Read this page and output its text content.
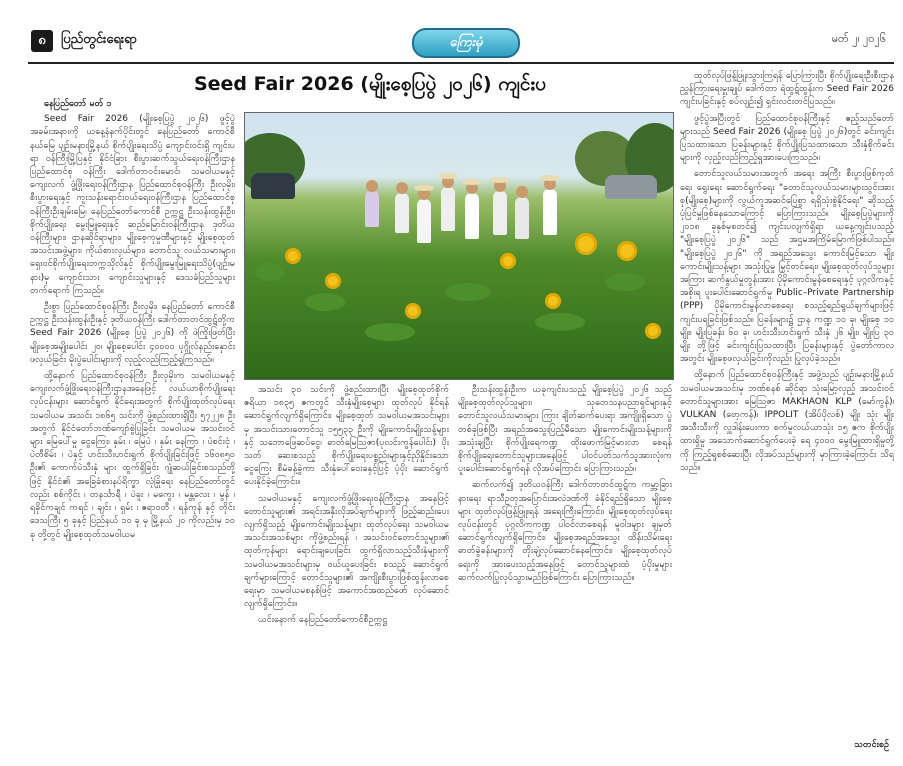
၈	ပြည်တွင်းရေးရာ	ကြေးမုံ	မတ် ၂၊ ၂၀၂၆
Seed Fair 2026 (မျိုးစေ့ပြပွဲ ၂၀၂၆) ကျင်းပ
နေပြည်တော် မတ် ၁

Seed Fair 2026 (မျိုးစေ့ပြပွဲ ၂၀၂၆) ဖွင့်ပွဲ အခမ်းအနားကို ယနေ့နံနက်ပိုင်းတွင် နေပြည်တော် ကောင်စီနယ်မြေ ပျဉ်းမနားမြို့နယ် စိုက်ပျိုးရေးသိပ္ပံ ကျောင်းဝင်းရှိ ကျင်းပရာ ဝန်ကြီးမြို့ပြနှင့် နိုင်ငံခြား စီးပွားဆက်သွယ်ရေးဝန်ကြီးဌာန ပြည်ထောင်စု ဝန်ကြီး ဒေါက်တာဝင်းမောင်၊ သမဝါယမနှင့်ကျေးလက် ဖွံ့ဖြိုးရေးဝန်ကြီးဌာန ပြည်ထောင်စုဝန်ကြီး ဦးလှမိုး၊ စီးပွားရေးနှင့် ကူးသန်းရောင်းဝယ်ရေးဝန်ကြီးဌာန ပြည်ထောင်စုဝန်ကြီးဦးချမ်းမြေ၊ နေပြည်တော်ကောင်စီ ဥက္ကဋ္ဌ ဦးသန်းထွန်းဦး၊ စိုက်ပျိုးရေး မွေးမြူရေးနှင့် ဆည်မြောင်းဝန်ကြီးဌာန ဒုတိယဝန်ကြီးများ၊ ဌာနဆိုင်ရာများ၊ မျိုးစေ့ကုမ္ပဏီများနှင့် မျိုးစေ့ထုတ် အသင်းအဖွဲ့များ၊ ကိုယ်စားလှယ်များ၊ တောင်သူ လယ်သမားများ၊ ရှေးဝင်စိုက်ပျိုးရေးတက္ကသိုလ်နှင့် စိုက်ပျိုးမွေးမြူရေးသိပ္ပံ(ပျဉ်းမနား)မှ ကျောင်းသား ကျောင်းသူများနှင့် ဒေသခံပြည်သူများ တက်ရောက် ကြသည်။

ဦးစွာ ပြည်ထောင်စုဝန်ကြီး ဦးလှမိုး၊ နေပြည်တော် ကောင်စီဥက္ကဋ္ဌ ဦးသန်းထွန်းဦးနှင့် ဒုတိယဝန်ကြီး ဒေါက်တာတင်ထွဋ်တို့က Seed Fair 2026 (မျိုးစေ့ ပြပွဲ ၂၀၂၆) ကို ဖဲကြိုးဖြတ်ပြီး မျိုးစေ့အမျိုးပေါင်း ၂၀၊ မျိုးစေ့ပေါင်း ၄၀၀၀၀ ပုဂ္ဂိုလ်နည်းနှောင်းဖလှယ်ခြင်း မိုးပွဲပေါင်းများကို လှည့်လည်ကြည့်ရှုကြသည်။

ထို့နောက် ပြည်ထောင်စုဝန်ကြီး ဦးလှမိုးက သမဝါယမနှင့် ကျေးလက်ဖွံ့ဖြိုးရေးဝန်ကြီးဌာနအနေဖြင့် လယ်ယာစိုက်ပျိုးရေးလုပ်ငန်းများ ဆောင်ရွက် နိုင်ရေးအတွက် စိုက်ပျိုးထုတ်လုပ်ရေးသမဝါယမ အသင်း ၁၈၆၅ သင်းကို ဖွဲ့စည်းထားရှိပြီး ၅၇၂၂၈ ဦးအတွက် နိုင်ငံတော်ဘဏ်ကျော်စွဲပြုခြင်း သမဝါယမ အသင်းဝင်များ မြေပေါ်မှု ငွေကြေး၊ နှမ်း ၊ မြေပဲ ၊ နှမ်း နေကြာ ၊ ပဲစင်းငုံ ၊ ပဲတီစိမ်း ၊ ပဲနှင့် ဟင်းသီးဟင်းရွက် စိုက်ပျိုးခြင်းဖြင့် ၁၆၀၈၅၀ ဦး၏ ကောက်ပဲသီးနှံ များ ထွက်ရှိခြင်း ဂျုံဆယ်ခြင်းစသည်တို့ဖြင့် နိုင်ငံ၏ အခြေခံစားနပ်ရိက္ခာ လုံခြုံရေး နေပြည်တော်တွင်လည်း စစ်ကိုင်း ၊ တနင်္သာရီ ၊ ပဲခူး ၊ မကွေး ၊ မန္တလေး ၊ မွန် ၊ ရခိုင်ကချင် ကရင် ၊ ချင်း ၊ ရှမ်း ၊ ဧရာဝတီ ၊ ရန်ကုန် နှင့် တိုင်းဒေသကြီး ၅ ခုနှင့် ပြည်နယ် ၁၀ ခု မှ မြို့နယ် ၂၀ ကိုလည်းမှ ၁၀ ခု တို့တွင် မျိုးစေ့ထုတ်သမဝါယမ

အသင်း ၃၀ သင်းကို ဖွဲ့စည်းထားပြီး မျိုးစေ့ထုတ်စိုက် ဧရိယာ ၁၈၃၅ ဧကတွင် သီးနှံမျိုးစေ့များ ထုတ်လုပ် နိုင်ရန် ဆောင်ရွက်လျက်ရှိကြောင်း၊ မျိုးစေ့ထုတ် သမဝါယမအသင်းများမှ အသင်းသားတောင်သူ ၁၅၅၃၃ ဦးကို မျိုးကောင်းမျိုးသန့်များနှင့် သဘောဖြေဆပ်ငွေ၊ ဓာတ်မြေဩဇာ(ပုလင်းကွန်ပေါင်း) ပိုးသတ် ဆေးစသည့် စိုက်ပျိုးရေးပစ္စည်းများနှင့်ညှိနှိုင်းသော ငွေကြေး စီမံခန့်ခွဲကာ သီးနှံပေါ်ဝေးခနှင့်ပြင့် ပံ့ပိုး ဆောင်ရွက်ပေးနိုင်ခဲ့ကြောင်း။

သမဝါယမနှင့် ကျေးလက်ဖွံ့ဖြိုးရေးဝန်ကြီးဌာန အနေဖြင့် တောင်သူများ၏ အရင်းအနှီးလိုအပ်ချက်များကို ဖြည့်ဆည်းပေးလျက်ရှိသည့် မျိုးကောင်းမျိုးသန့်များ ထုတ်လုပ်ရေး သမဝါယမအသင်းအသစ်များ ကိုဖွဲ့စည်းရန် ၊ အသင်းဝင်တောင်သူများ၏ ထုတ်ကုန်များ ရောင်းချပေးခြင်း ထွက်ရှိလာသည့်သီးနှံများကို သမဝါယမအသင်းများမှ ဝယ်ယူပေးခြင်း စသည့် ဆောင်ရွက်ချက်များကြောင့် တောင်သူများ၏ အကျိုးစီးပွားဖြစ်ထွန်းလာစေရေးမှာ သမဝါယမစနစ်ဖြင့် အကောင်အထည်ဖော် လုပ်ဆောင်လျက်ရှိကြောင်း။

ယင်းနောက် နေပြည်တော်ကောင်စီဥက္ကဋ္ဌ

ဦးသန်းထွန်းဦးက ယခုကျင်းပသည့် မျိုးစေ့ပြပွဲ ၂၀၂၆ သည် မျိုးစေ့ထုတ်လုပ်သူများ၊ သုတေသနပညာရှင်များနှင့် တောင်သူလယ်သမားများ ကြား ချိတ်ဆက်ပေးရာ အကျိုးရှိသော ပွဲတစ်ခုဖြစ်ပြီး အရည်အသွေးပြည့်မီသော မျိုးကောင်းမျိုးသန့်များကို အသုံးချပြီး စိုက်ပျိုးရေကဏ္ဍ ထိုးဖောက်မြင့်မားလာ စေရန် စိုက်ပျိုးရေးတောင်သူများအနေဖြင့် ပါဝင်ပတ်သက်သူအားလုံးက ပူးပေါင်းဆောင်ရွက်ရန် လိုအပ်ကြောင်း ပြောကြားသည်။

ဆက်လက်၍ ဒုတိယဝန်ကြီး ဒေါက်တာတင်ထွဋ်က ကမ္ဘာ့ခြားနားရေး ရာသီဥတုအပြောင်းအလဲဒဏ်ကို ခံနိုင်ရည်ရှိသော မျိုးစေ့များ ထုတ်လုပ်ဖြန့်ဖြူးရန် အရေးကြီးကြောင်း၊ မျိုးစေ့ထုတ်လုပ်ရေး လုပ်ငန်းတွင် ပုဂ္ဂလိကကဏ္ဍ ပါဝင်လာစေရန် မူဝါဒများ ချမှတ်ဆောင်ရွက်လျက်ရှိကြောင်း၊ မျိုးစေ့အရည်အသွေး ထိန်းသိမ်းရေး ဓာတ်ခွဲခန်းများကို တိုးချဲ့လုပ်ဆောင်နေကြောင်း၊ မျိုးစေ့ထုတ်လုပ်ရေးကို အားပေးသည့်အနေဖြင့် တောင်သူများထံ ပံ့ပိုးမှုများ ဆက်လက်ပြုလုပ်သွားမည်ဖြစ်ကြောင်း ပြောကြားသည်။

ထုတ်လုပ်ဖြန့်ဖြူးသွားကြရန် ပြောကြားပြီး စိုက်ပျိုးရေးဦးစီးဌာန ညွှန်ကြားရေးမှူးချုပ် ဒေါက်တာ ရဲထွဋ်ထွန်းက Seed Fair 2026 ကျင်းပခြင်းနှင့် စပ်လျဉ်း၍ ရှင်းလင်းတင်ပြသည်။

ဖွင့်ပွဲအပြီးတွင် ပြည်ထောင်စုဝန်ကြီးနှင့် ဧည့်သည်တော်များသည် Seed Fair 2026 (မျိုးစေ့ ပြပွဲ ၂၀၂၆)တွင် ခင်းကျင်းပြသထားသော ပြခန်းများနှင့် စိုက်ပျိုးပြသထားသော သီးနှံစိုက်ခင်းများကို လှည့်လည်ကြည့်ရှုအားပေးကြသည်။

တောင်သူလယ်သမားအတွက် အရေး အကြီး စီးပွားဖြစ်ကုတ်ရေး ရွေးရေး ဆောင်ရွက်ရေး "တောင်သူလယ်သမားများသွင်းအားစု(မျိုးစေ့)များကို လွယ်ကူအဆင်ပြေစွာ ရရှိသုံးစွဲနိုင်ရေး" ဆိုသည့် ပုံပြင်မှုဖြစ်နေသောကြောင့် ပြောကြားသည်။ မျိုးစေ့ပြပွဲများကို ၂၀၁၈ ခုနှစ်မှစတင်၍ ကျင်းပလျက်ရှိရာ ယနေ့ကျင်းပသည့် "မျိုးစေ့ပြပွဲ ၂၀၂၆" သည် အဌမအကြိမ်မြောက်ဖြစ်ပါသည်။ "မျိုးစေ့ပြပွဲ ၂၀၂၆" ကို အရည်အသွေး ကောင်းမြင့်သော မျိုးကောင်းမျိုးသန့်များ အသုံးပြုမှု မြှင့်တင်ရေး၊ မျိုးစေ့ထုတ်လုပ်သူများအကြား ဆက်နွယ်မှုတွန်းအား ပိုမိုကောင်းမွန်စေရေးနှင့် ပုဂ္ဂလိကနှင့်အစိုးရ ပူးပေါင်းဆောင်ရွက်မှု Public–Private Partnership (PPP) ပိုမိုကောင်းမွန်လာစေရေး စသည့်ရည်ရွယ်ချက်များဖြင့် ကျင်းပရခြင်းဖြစ်သည်။ ပြခန်းများ၌ ဌာန ကဏ္ဍ ၁၀ ခု၊ မျိုးစေ့ ၁၀ မျိုး၊ မျိုးပြခန်း ၆၀ ခု၊ ဟင်းသီးဟင်းရွက် သီးနှံ ၂၆ မျိုး၊ မျိုးပြ ၃၀ မျိုး တို့ဖြင့် ခင်းကျင်းပြသထားပြီး ပြခန်းများနှင့် ပွဲတော်ကာလအတွင်း မျိုးစေ့ဖလှယ်ခြင်းကိုလည်း ပြုလုပ်ခဲ့သည်။

ထို့နောက် ပြည်ထောင်စုဝန်ကြီးနှင့် အဖွဲ့သည် ပျဉ်းမနားမြို့နယ် သမဝါယမအသင်းမှ ဘဏ်စနစ် ဆိုင်ရာ သုံးမြော့လှည့် အသင်းဝင်တောင်သူများအား မြေဩဇာ MAKHAON KLP (မော်ကွန်)၊ VULKAN (ဗော့ကန်)၊ IPPOLIT (အိပ်ပိုလစ်) မျိုး သုံး မျိုး အသီးသီးကို လှူဒါန်းပေးကာ စက်မှုလယ်ယာသုံး ၁၅ ဧက စိုက်ပျိုးထားရှိမှု အသောက်ဆောင်ရွက်ပေးခဲ့ ရေ ၄၀၀၀ မွေးမြူထားရှိမှုတို့ကို ကြည့်ရှုစစ်ဆေးပြီး လိုအပ်သည်များကို မှာကြားခဲ့ကြောင်း သိရသည်။

သတင်းစဉ်
